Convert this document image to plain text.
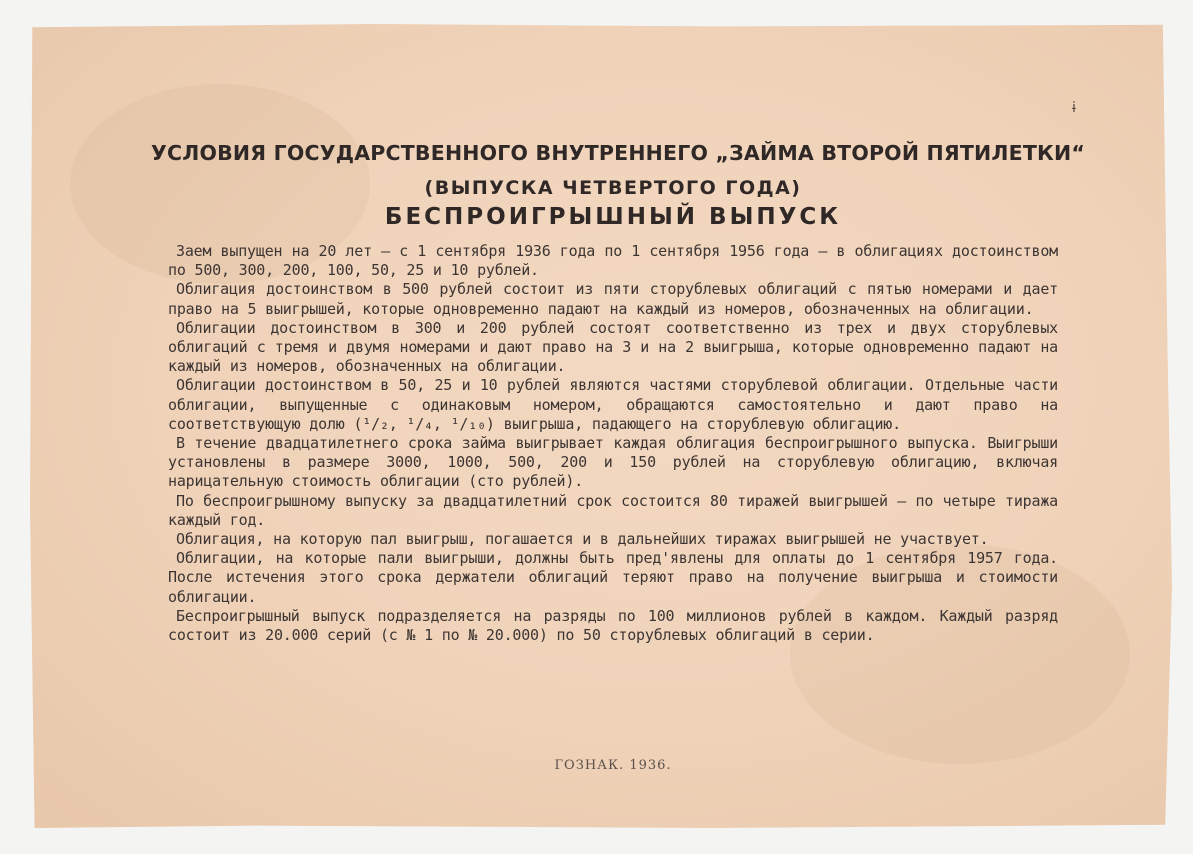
ɨ
УСЛОВИЯ ГОСУДАРСТВЕННОГО ВНУТРЕННЕГО „ЗАЙМА ВТОРОЙ ПЯТИЛЕТКИ“
(ВЫПУСКА ЧЕТВЕРТОГО ГОДА)
БЕСПРОИГРЫШНЫЙ ВЫПУСК

Заем выпущен на 20 лет — с 1 сентября 1936 года по 1 сентября 1956 года — в облигациях достоинством по 500, 300, 200, 100, 50, 25 и 10 рублей.

Облигация достоинством в 500 рублей состоит из пяти сторублевых облигаций с пятью номерами и дает право на 5 выигрышей, которые одновременно падают на каждый из номеров, обозначенных на облигации.

Облигации достоинством в 300 и 200 рублей состоят соответственно из трех и двух сторублевых облигаций с тремя и двумя номерами и дают право на 3 и на 2 выигрыша, которые одновременно падают на каждый из номеров, обозначенных на облигации.

Облигации достоинством в 50, 25 и 10 рублей являются частями сторублевой облигации. Отдельные части облигации, выпущенные с одинаковым номером, обращаются самостоятельно и дают право на соответствующую долю (¹/₂, ¹/₄, ¹/₁₀) выигрыша, падающего на сторублевую облигацию.

В течение двадцатилетнего срока займа выигрывает каждая облигация беспроигрышного выпуска. Выигрыши установлены в размере 3000, 1000, 500, 200 и 150 рублей на сторублевую облигацию, включая нарицательную стоимость облигации (сто рублей).

По беспроигрышному выпуску за двадцатилетний срок состоится 80 тиражей выигрышей — по четыре тиража каждый год.

Облигация, на которую пал выигрыш, погашается и в дальнейших тиражах выигрышей не участвует.

Облигации, на которые пали выигрыши, должны быть пред'явлены для оплаты до 1 сентября 1957 года. После истечения этого срока держатели облигаций теряют право на получение выигрыша и стоимости облигации.

Беспроигрышный выпуск подразделяется на разряды по 100 миллионов рублей в каждом. Каждый разряд состоит из 20.000 серий (с № 1 по № 20.000) по 50 сторублевых облигаций в серии.

ГОЗНАК. 1936.
